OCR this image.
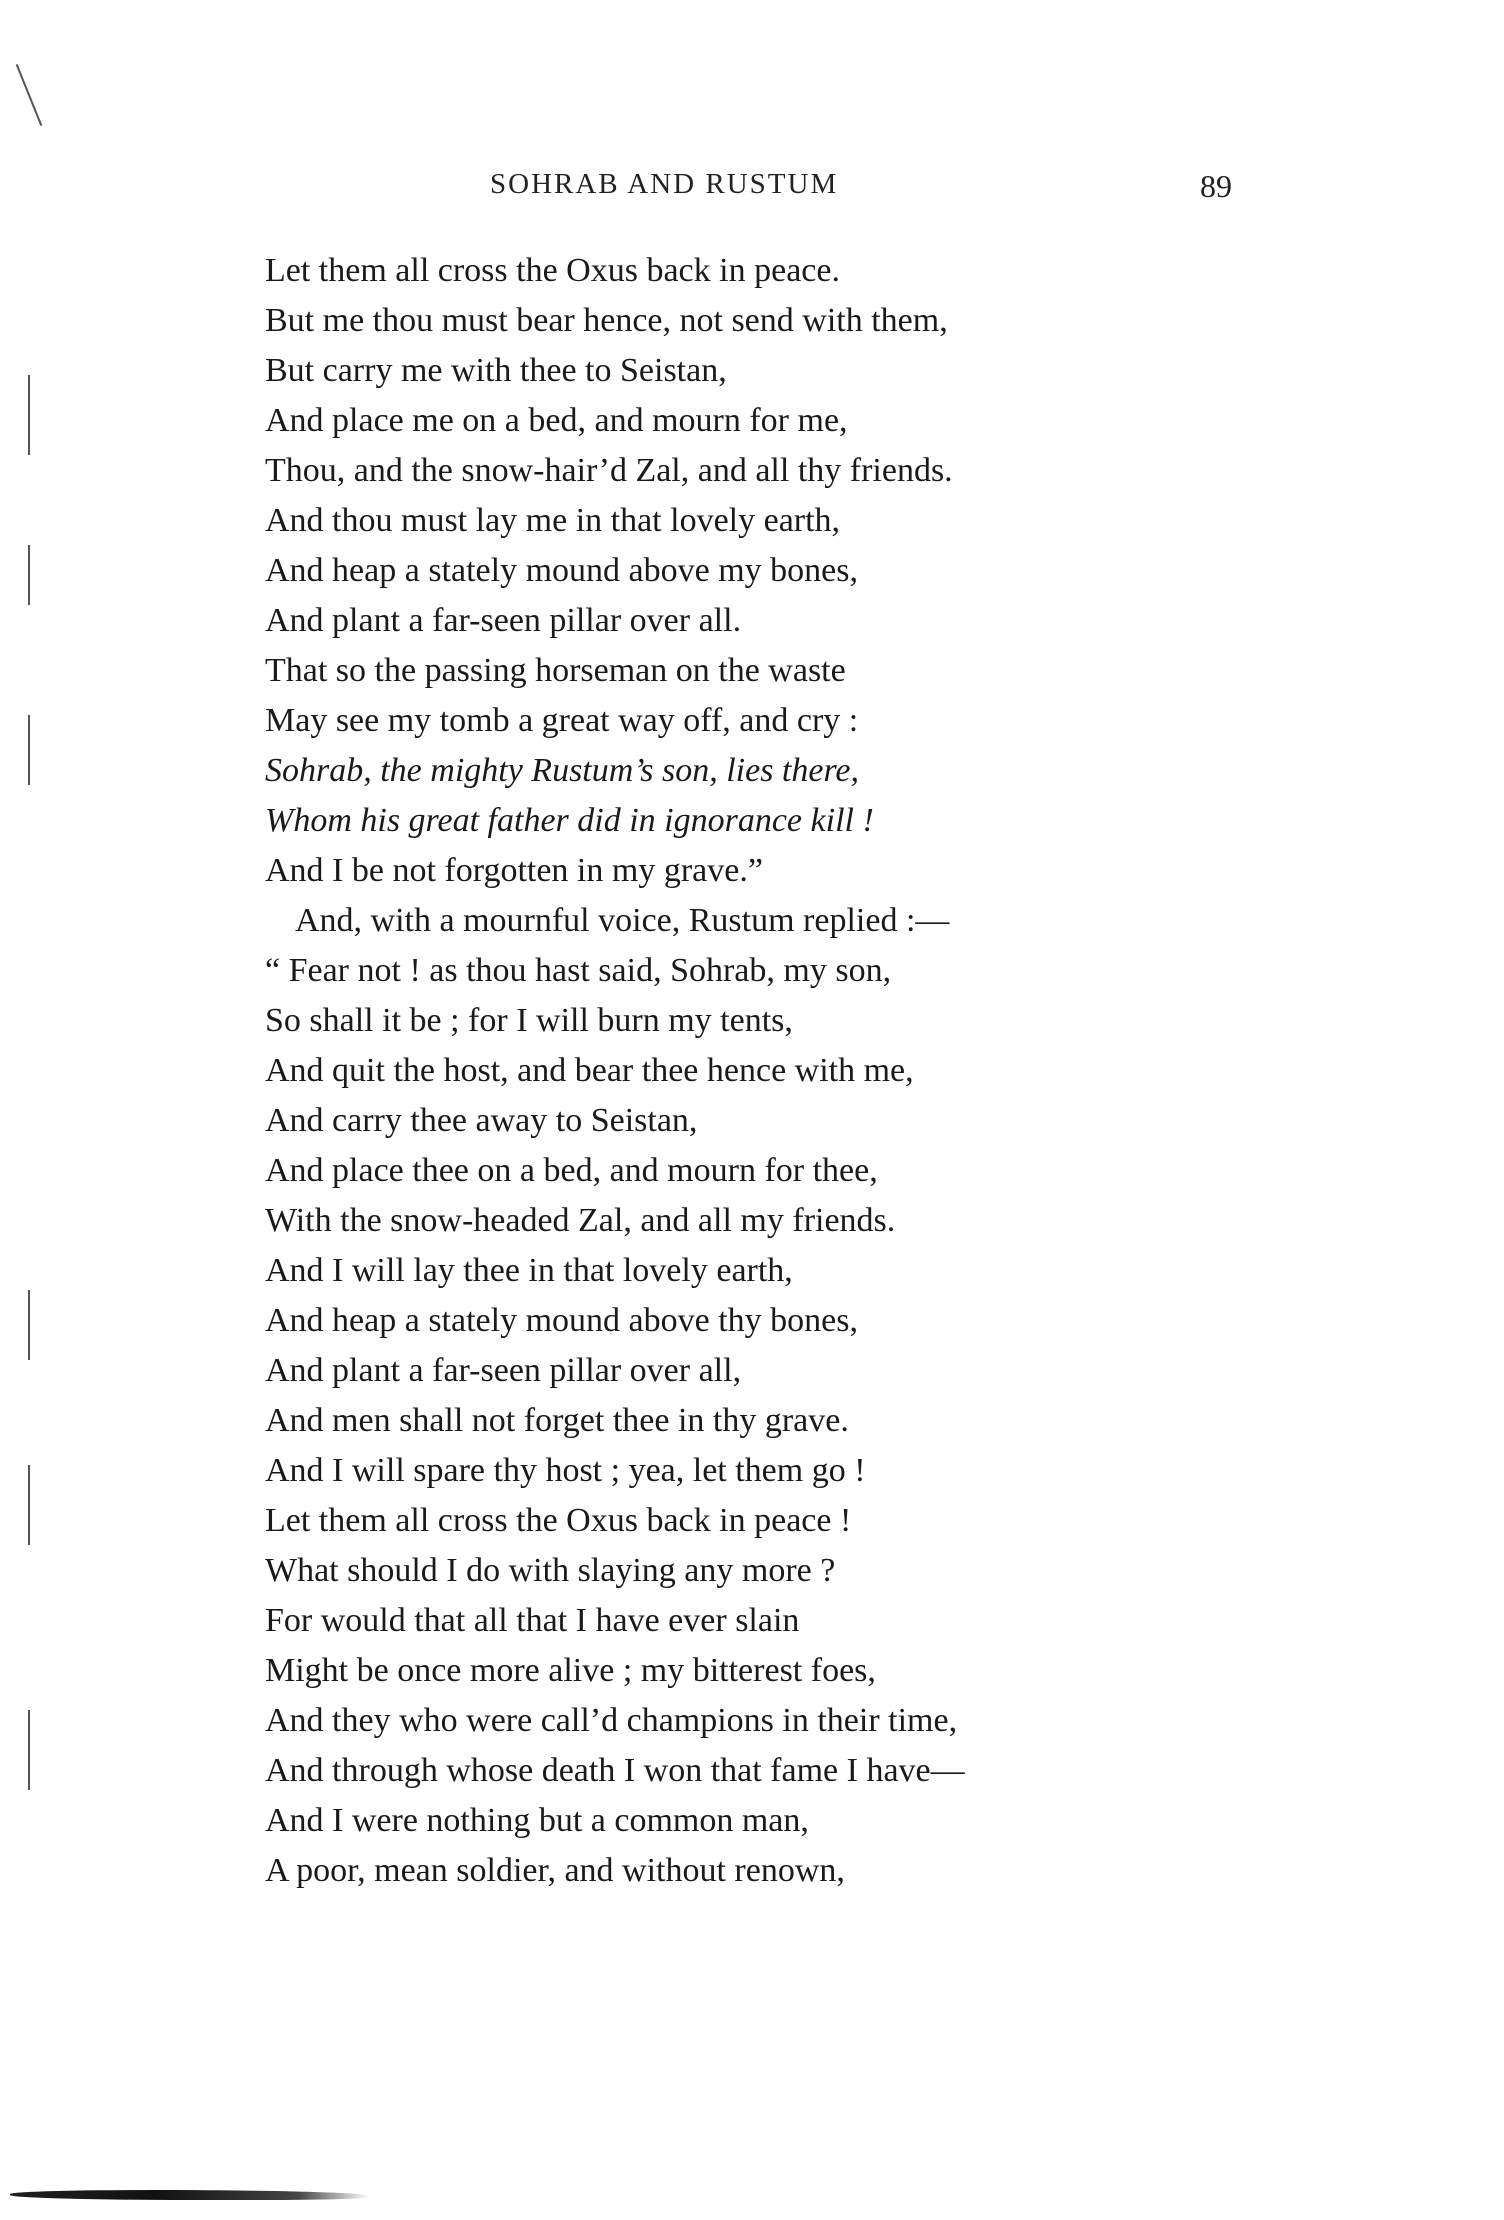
SOHRAB AND RUSTUM	89
Let them all cross the Oxus back in peace.
But me thou must bear hence, not send with them,
But carry me with thee to Seistan,
And place me on a bed, and mourn for me,
Thou, and the snow-hair’d Zal, and all thy friends.
And thou must lay me in that lovely earth,
And heap a stately mound above my bones,
And plant a far-seen pillar over all.
That so the passing horseman on the waste
May see my tomb a great way off, and cry :
Sohrab, the mighty Rustum’s son, lies there,
Whom his great father did in ignorance kill !
And I be not forgotten in my grave.”
And, with a mournful voice, Rustum replied :—
“ Fear not ! as thou hast said, Sohrab, my son,
So shall it be ; for I will burn my tents,
And quit the host, and bear thee hence with me,
And carry thee away to Seistan,
And place thee on a bed, and mourn for thee,
With the snow-headed Zal, and all my friends.
And I will lay thee in that lovely earth,
And heap a stately mound above thy bones,
And plant a far-seen pillar over all,
And men shall not forget thee in thy grave.
And I will spare thy host ; yea, let them go !
Let them all cross the Oxus back in peace !
What should I do with slaying any more ?
For would that all that I have ever slain
Might be once more alive ; my bitterest foes,
And they who were call’d champions in their time,
And through whose death I won that fame I have—
And I were nothing but a common man,
A poor, mean soldier, and without renown,
